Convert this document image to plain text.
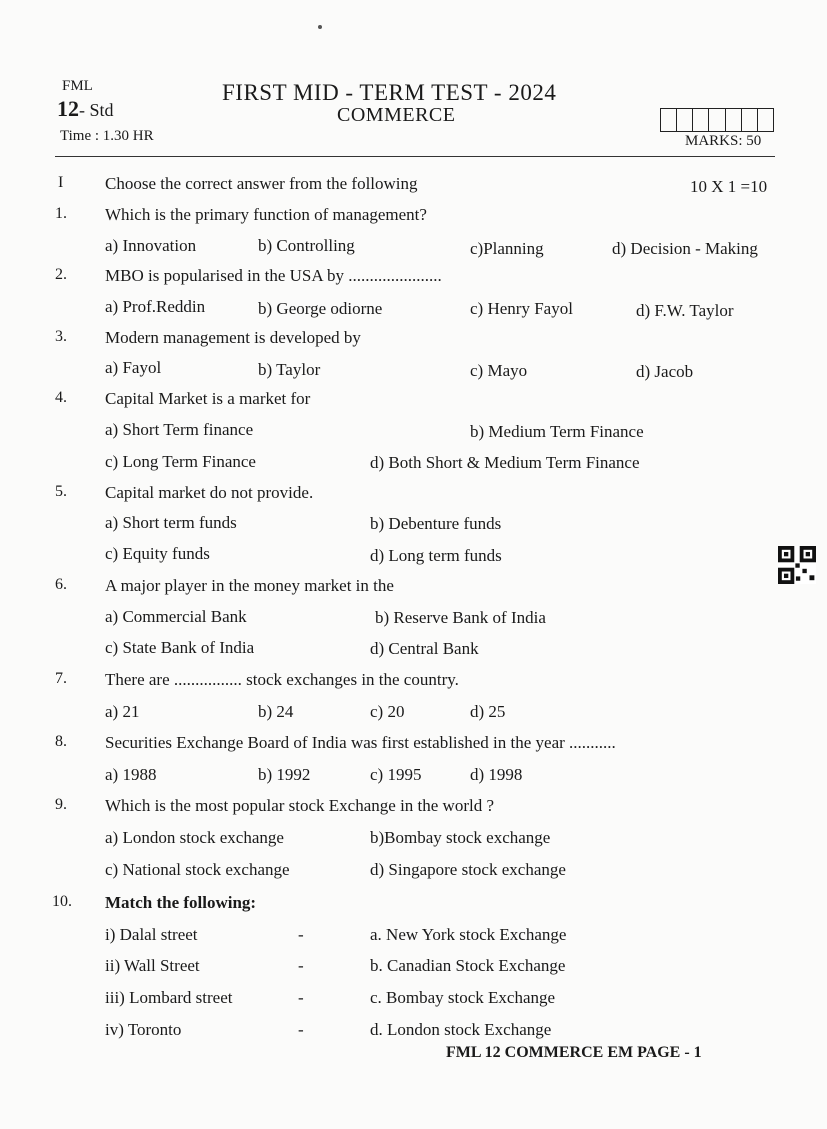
FML
12- Std
Time : 1.30 HR
FIRST MID - TERM TEST - 2024
COMMERCE
MARKS: 50
I Choose the correct answer from the following	10 X 1 =10
1. Which is the primary function of management?
a) Innovation	b) Controlling	c)Planning	d) Decision - Making
2. MBO is popularised in the USA by ......................
a) Prof.Reddin	b) George odiorne	c) Henry Fayol	d) F.W. Taylor
3. Modern management is developed by
a) Fayol	b) Taylor	c) Mayo	d) Jacob
4. Capital Market is a market for
a) Short Term finance	b) Medium Term Finance
c) Long Term Finance	d) Both Short & Medium Term Finance
5. Capital market do not provide.
a) Short term funds	b) Debenture funds
c) Equity funds	d) Long term funds
6. A major player in the money market in the
a) Commercial Bank	b) Reserve Bank of India
c) State Bank of India	d) Central Bank
7. There are ................ stock exchanges in the country.
a) 21	b) 24	c) 20	d) 25
8. Securities Exchange Board of India was first established in the year ...........
a) 1988	b) 1992	c) 1995	d) 1998
9. Which is the most popular stock Exchange in the world ?
a) London stock exchange	b)Bombay stock exchange
c) National stock exchange	d) Singapore stock exchange
10. Match the following:
i) Dalal street	-	a. New York stock Exchange
ii) Wall Street	-	b. Canadian Stock Exchange
iii) Lombard street	-	c. Bombay stock Exchange
iv) Toronto	-	d. London stock Exchange
FML 12 COMMERCE EM PAGE - 1
